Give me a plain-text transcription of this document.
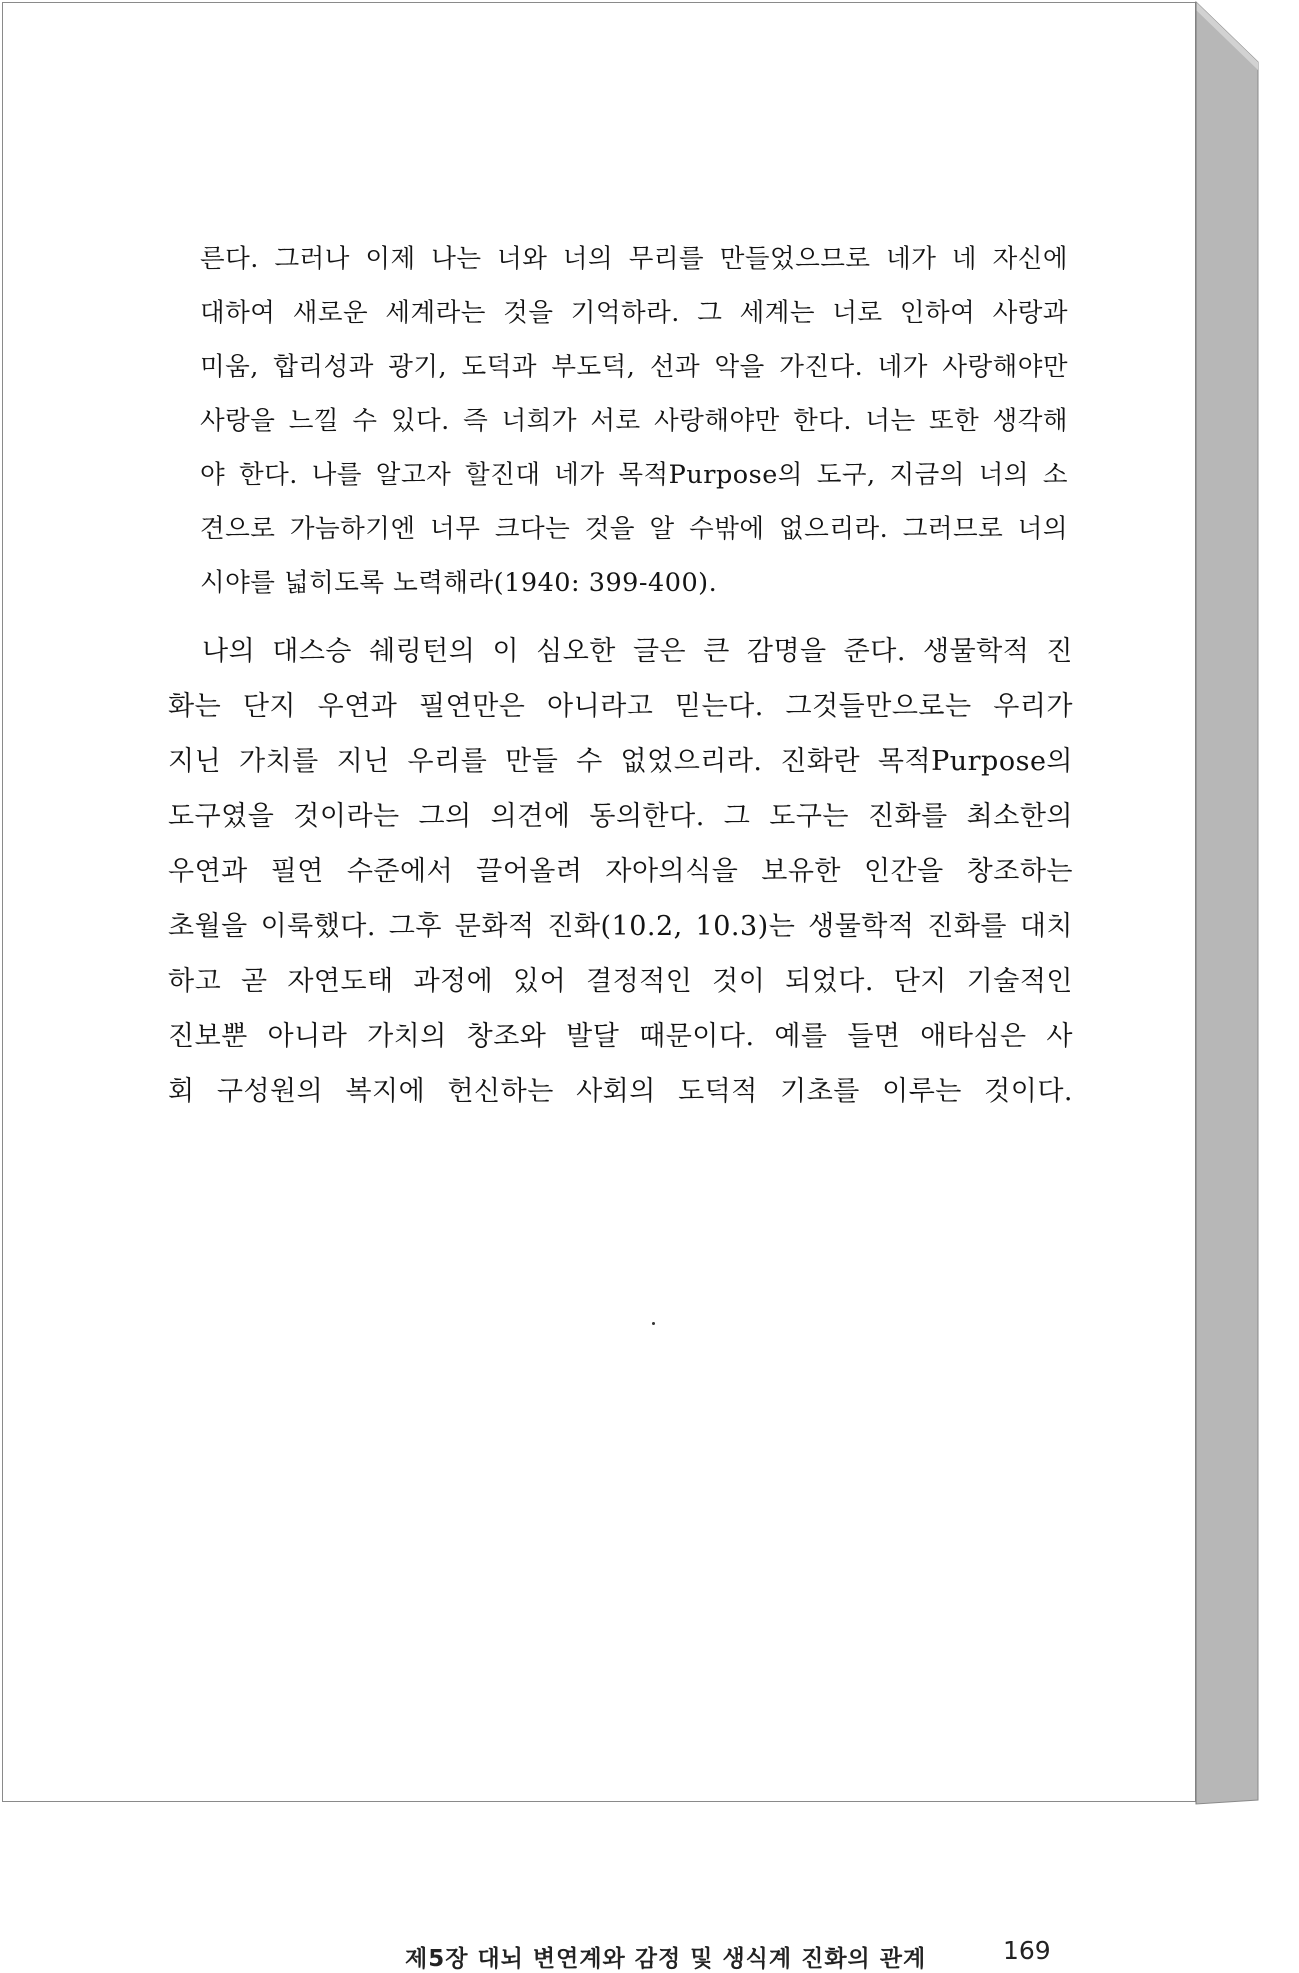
른다. 그러나 이제 나는 너와 너의 무리를 만들었으므로 네가 네 자신에
대하여 새로운 세계라는 것을 기억하라. 그 세계는 너로 인하여 사랑과
미움, 합리성과 광기, 도덕과 부도덕, 선과 악을 가진다. 네가 사랑해야만
사랑을 느낄 수 있다. 즉 너희가 서로 사랑해야만 한다. 너는 또한 생각해
야 한다. 나를 알고자 할진대 네가 목적Purpose의 도구, 지금의 너의 소
견으로 가늠하기엔 너무 크다는 것을 알 수밖에 없으리라. 그러므로 너의
시야를 넓히도록 노력해라(1940: 399-400).
나의 대스승 쉐링턴의 이 심오한 글은 큰 감명을 준다. 생물학적 진
화는 단지 우연과 필연만은 아니라고 믿는다. 그것들만으로는 우리가
지닌 가치를 지닌 우리를 만들 수 없었으리라. 진화란 목적Purpose의
도구였을 것이라는 그의 의견에 동의한다. 그 도구는 진화를 최소한의
우연과 필연 수준에서 끌어올려 자아의식을 보유한 인간을 창조하는
초월을 이룩했다. 그후 문화적 진화(10.2, 10.3)는 생물학적 진화를 대치
하고 곧 자연도태 과정에 있어 결정적인 것이 되었다. 단지 기술적인
진보뿐 아니라 가치의 창조와 발달 때문이다. 예를 들면 애타심은 사
회 구성원의 복지에 헌신하는 사회의 도덕적 기초를 이루는 것이다.
제5장 대뇌 변연계와 감정 및 생식계 진화의 관계	169
